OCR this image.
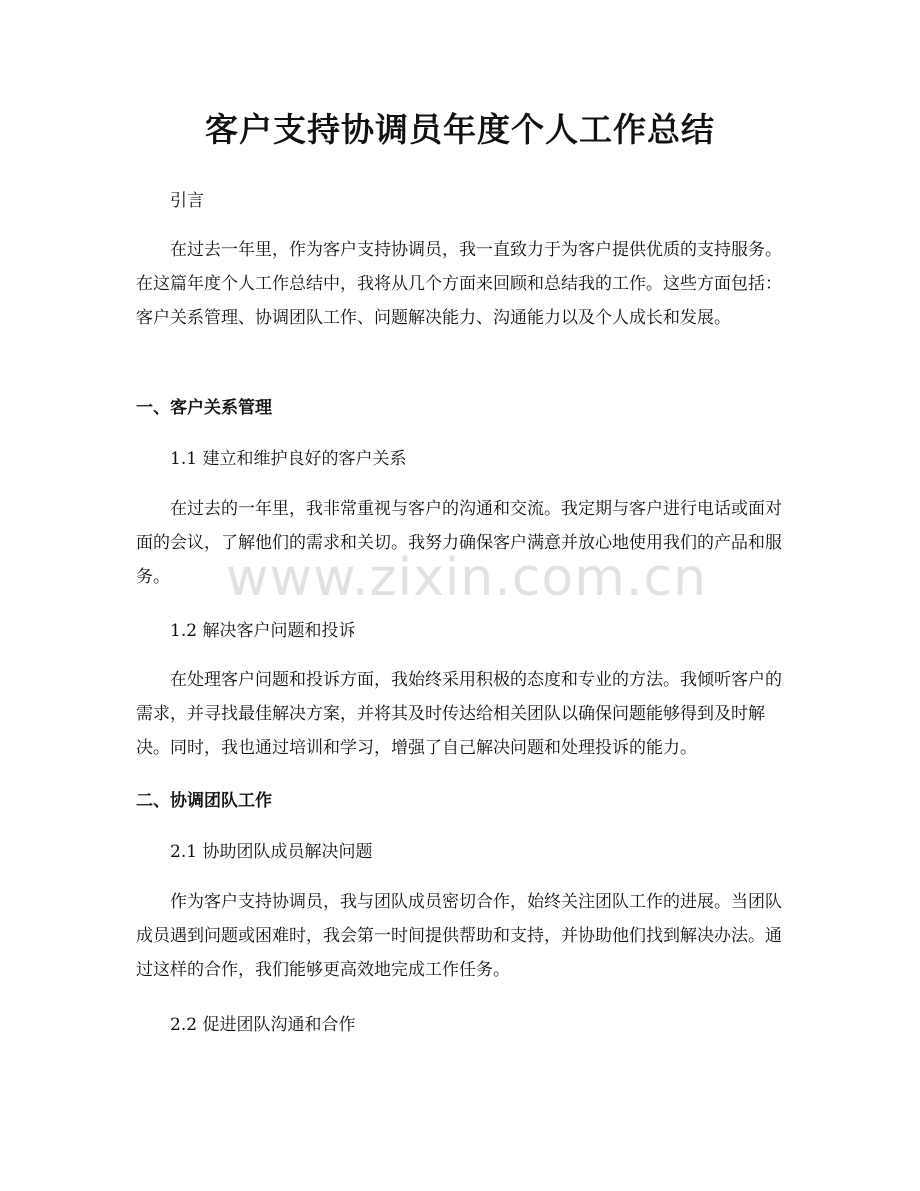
客户支持协调员年度个人工作总结

引言

在过去一年里，作为客户支持协调员，我一直致力于为客户提供优质的支持服务。在这篇年度个人工作总结中，我将从几个方面来回顾和总结我的工作。这些方面包括：客户关系管理、协调团队工作、问题解决能力、沟通能力以及个人成长和发展。

一、客户关系管理

1.1 建立和维护良好的客户关系

在过去的一年里，我非常重视与客户的沟通和交流。我定期与客户进行电话或面对面的会议，了解他们的需求和关切。我努力确保客户满意并放心地使用我们的产品和服务。

1.2 解决客户问题和投诉

在处理客户问题和投诉方面，我始终采用积极的态度和专业的方法。我倾听客户的需求，并寻找最佳解决方案，并将其及时传达给相关团队以确保问题能够得到及时解决。同时，我也通过培训和学习，增强了自己解决问题和处理投诉的能力。

二、协调团队工作

2.1 协助团队成员解决问题

作为客户支持协调员，我与团队成员密切合作，始终关注团队工作的进展。当团队成员遇到问题或困难时，我会第一时间提供帮助和支持，并协助他们找到解决办法。通过这样的合作，我们能够更高效地完成工作任务。

2.2 促进团队沟通和合作

www.zixin.com.cn
